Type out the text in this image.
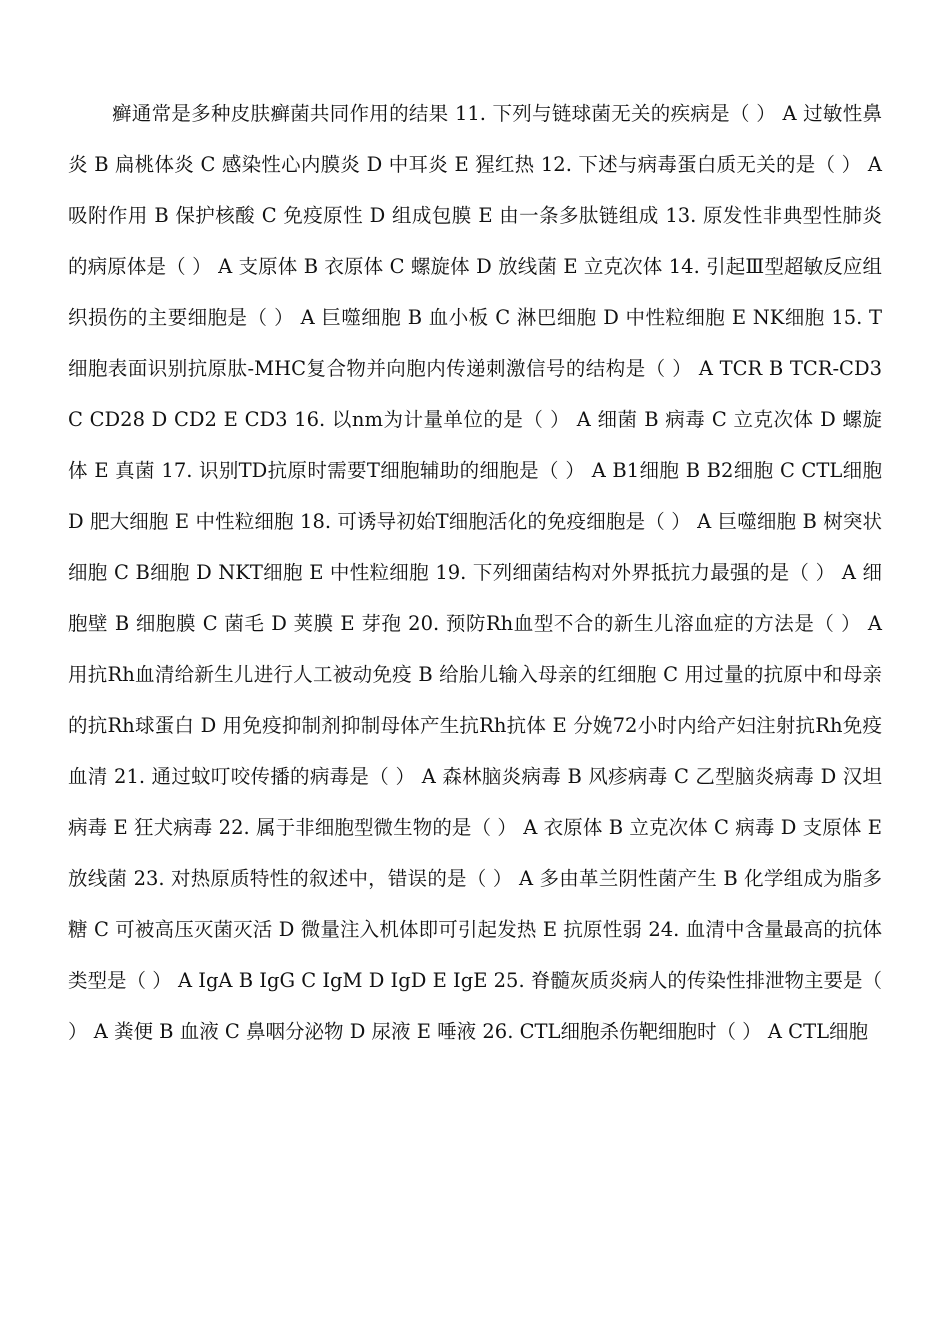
癣通常是多种皮肤癣菌共同作用的结果 11. 下列与链球菌无关的疾病是（ ） A 过敏性鼻炎 B 扁桃体炎 C 感染性心内膜炎 D 中耳炎 E 猩红热 12. 下述与病毒蛋白质无关的是（ ） A 吸附作用 B 保护核酸 C 免疫原性 D 组成包膜 E 由一条多肽链组成 13. 原发性非典型性肺炎的病原体是（ ） A 支原体 B 衣原体 C 螺旋体 D 放线菌 E 立克次体 14. 引起Ⅲ型超敏反应组织损伤的主要细胞是（ ） A 巨噬细胞 B 血小板 C 淋巴细胞 D 中性粒细胞 E NK细胞 15. T细胞表面识别抗原肽-MHC复合物并向胞内传递刺激信号的结构是（ ） A TCR B TCR-CD3 C CD28 D CD2 E CD3 16. 以nm为计量单位的是（ ） A 细菌 B 病毒 C 立克次体 D 螺旋体 E 真菌 17. 识别TD抗原时需要T细胞辅助的细胞是（ ） A B1细胞 B B2细胞 C CTL细胞 D 肥大细胞 E 中性粒细胞 18. 可诱导初始T细胞活化的免疫细胞是（ ） A 巨噬细胞 B 树突状细胞 C B细胞 D NKT细胞 E 中性粒细胞 19. 下列细菌结构对外界抵抗力最强的是（ ） A 细胞壁 B 细胞膜 C 菌毛 D 荚膜 E 芽孢 20. 预防Rh血型不合的新生儿溶血症的方法是（ ） A 用抗Rh血清给新生儿进行人工被动免疫 B 给胎儿输入母亲的红细胞 C 用过量的抗原中和母亲的抗Rh球蛋白 D 用免疫抑制剂抑制母体产生抗Rh抗体 E 分娩72小时内给产妇注射抗Rh免疫血清 21. 通过蚊叮咬传播的病毒是（ ） A 森林脑炎病毒 B 风疹病毒 C 乙型脑炎病毒 D 汉坦病毒 E 狂犬病毒 22. 属于非细胞型微生物的是（ ） A 衣原体 B 立克次体 C 病毒 D 支原体 E 放线菌 23. 对热原质特性的叙述中，错误的是（ ） A 多由革兰阴性菌产生 B 化学组成为脂多糖 C 可被高压灭菌灭活 D 微量注入机体即可引起发热 E 抗原性弱 24. 血清中含量最高的抗体类型是（ ） A IgA B IgG C IgM D IgD E IgE 25. 脊髓灰质炎病人的传染性排泄物主要是（ ） A 粪便 B 血液 C 鼻咽分泌物 D 尿液 E 唾液 26. CTL细胞杀伤靶细胞时（ ） A CTL细胞
